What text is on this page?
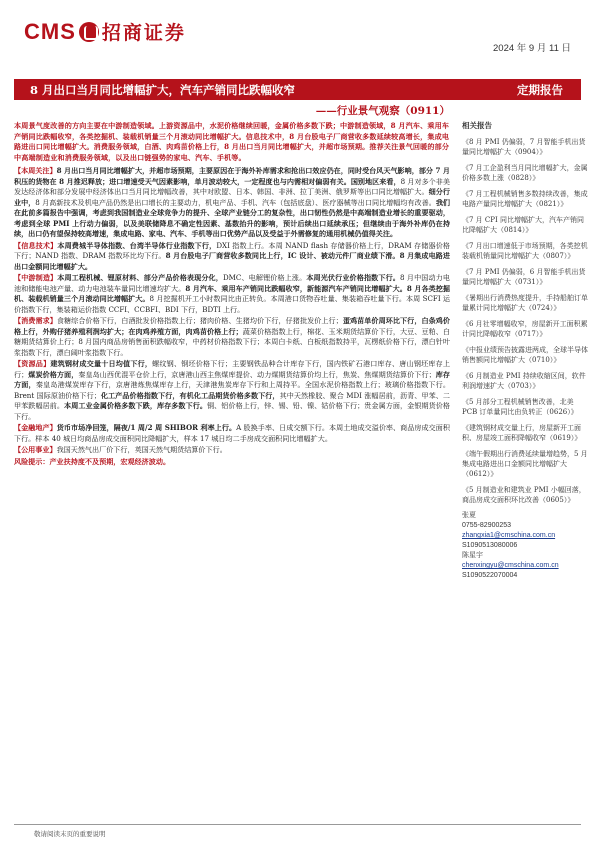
CMS 招商证券
2024 年 9 月 11 日
8 月出口当月同比增幅扩大，汽车产销同比跌幅收窄	定期报告
——行业景气观察（0911）

本周景气度改善的方向主要在中游制造领域。上游资源品中，水泥价格继续回暖，金属价格多数下跌；中游制造领域，8 月汽车、乘用车产销同比跌幅收窄，各类挖掘机、装载机销量三个月滚动同比增幅扩大。信息技术中，8 月台股电子厂商营收多数延续较高增长，集成电路进出口同比增幅扩大。消费服务领域，白酒、肉鸡苗价格上行，8 月出口当月同比增幅扩大，并超市场预期。推荐关注景气回暖的部分中高端制造业和消费服务领域，以及出口链强势的家电、汽车、手机等。

【本周关注】8 月出口当月同比增幅扩大，并超市场预期，主要原因在于海外补库需求和抢出口效应仍在，同时受台风天气影响，部分 7 月积压的货物在 8 月推迟释放；进口增速受天气因素影响，单月波动较大，一定程度也与内需相对偏弱有关。国别地区来看，8 月对多个非美发达经济体和部分发展中经济体出口当月同比增幅改善，其中对欧盟、日本、韩国、非洲、拉丁美洲、俄罗斯等出口同比增幅扩大。细分行业中，8 月高新技术及机电产品仍然是出口增长的主要动力，机电产品、手机、汽车（包括底盘）、医疗器械等出口同比增幅均有改善。我们在此前多篇报告中强调，考虑到我国制造业全球竞争力的提升、全球产业链分工的复杂性，出口韧性仍然是中高端制造业增长的重要驱动，考虑到全球 PMI 上行动力偏弱，以及美联储降息不确定性因素、基数抬升的影响，预计后续出口延续承压；但继续由于海外补库仍在持续，出口仍有望保持较高增速，集成电路、家电、汽车、手机等出口优势产品以及受益于外需修复的通用机械仍值得关注。

【信息技术】本周费城半导体指数、台湾半导体行业指数下行，DXI 指数上行。本周 NAND flash 存储器价格上行，DRAM 存储器价格下行；NAND 指数、DRAM 指数环比均下行。8 月台股电子厂商营收多数同比上行，IC 设计、被动元件厂商业绩下滑。8 月集成电路进出口金额同比增幅扩大。

【中游制造】本周工程机械、锂原材料、部分产品价格表现分化，DMC、电解锂价格上涨。本周光伏行业价格指数下行。8 月中国动力电池和储能电池产量、动力电池装车量同比增速均扩大。8 月汽车、乘用车产销同比跌幅收窄，新能源汽车产销同比增幅扩大。8 月各类挖掘机、装载机销量三个月滚动同比增幅扩大。8 月挖掘机开工小时数同比由正转负。本周港口货物吞吐量、集装箱吞吐量下行。本周 SCFI 运价指数下行，集装箱运价指数 CCFI、CCBFI、BDI 下行，BDTI 上行。

【消费需求】食糖综合价格下行，白酒批发价格指数上行；猪肉价格、生猪均价下行，仔猪批发价上行；蛋鸡苗单价周环比下行，白条鸡价格上行，外购仔猪养殖利润均扩大；在肉鸡养殖方面，肉鸡苗价格上行；蔬菜价格指数上行，棉花、玉米期货结算价下行，大豆、豆粕、白糖期货结算价上行；8 月国内商品房销售面积跌幅收窄，中药材价格指数下行；本周白卡纸、白板纸指数持平，瓦楞纸价格下行，漂白针叶浆指数下行，漂白阔叶浆指数下行。

【资源品】建筑钢材成交量十日均值下行，螺纹钢、钢坯价格下行；主要钢铁品种合计库存下行，国内铁矿石港口库存、唐山钢坯库存上行；煤炭价格方面，秦皇岛山西优混平仓价上行，京唐港山西主焦煤库提价、动力煤期货结算价均上行，焦炭、焦煤期货结算价下行；库存方面，秦皇岛港煤炭库存下行，京唐港炼焦煤库存上行，天津港焦炭库存下行和上周持平。全国水泥价格指数上行；玻璃价格指数下行。Brent 国际原油价格下行；化工产品价格指数下行，有机化工品期货价格多数下行，其中天然橡胶、聚合 MDI 涨幅居前，沥青、甲苯、二甲苯跌幅居前。本周工业金属价格多数下跌，库存多数下行。铜、铝价格上行，锌、锡、铅、镍、钴价格下行；贵金属方面，金银期货价格下行。

【金融地产】货币市场净回笼，隔夜/1 周/2 周 SHIBOR 利率上行。A 股换手率、日成交额下行。本周土地成交溢价率、商品房成交面积下行。样本 40 城日均商品房成交面积同比降幅扩大，样本 17 城日均二手房成交面积同比增幅扩大。

【公用事业】我国天然气出厂价下行，英国天然气期货结算价下行。

风险提示：产业扶持度不及预期，宏观经济波动。

相关报告
《8 月 PMI 仍偏弱，7 月智能手机出货量同比增幅扩大（0904）》
《7 月工企盈利当月同比增幅扩大，金属价格多数上涨（0828）》
《7 月工程机械销售多数持续改善，集成电路产量同比增幅扩大（0821）》
《7 月 CPI 同比增幅扩大，汽车产销同比降幅扩大（0814）》
《7 月出口增速低于市场预期，各类挖机装载机销量同比增幅扩大（0807）》
《7 月 PMI 仍偏弱，6 月智能手机出货量同比增幅扩大（0731）》
《暑期出行消费热度提升，手持船舶订单量累计同比增幅扩大（0724）》
《6 月社零增幅收窄，房屋新开工面积累计同比降幅收窄（0717）》
《中报业绩预告披露进两成，全球半导体销售额同比增幅扩大（0710）》
《6 月制造业 PMI 持续收缩区间，软件利润增速扩大（0703）》
《5 月部分工程机械销售改善，北美 PCB 订单量同比由负转正（0626）》
《建筑钢材成交量上行，房屋新开工面积、房屋竣工面积降幅收窄（0619）》
《端午假期出行消费延续量增趋势，5 月集成电路进出口金额同比增幅扩大（0612）》
《5 月制造业和建筑业 PMI 小幅回落，商品房成交面积环比改善（0605）》
张夏
0755-82900253
zhangxia1@cmschina.com.cn
S1090513080006
陈星宇
chenxingyu@cmschina.com.cn
S1090522070004
敬请阅读末页的重要说明
